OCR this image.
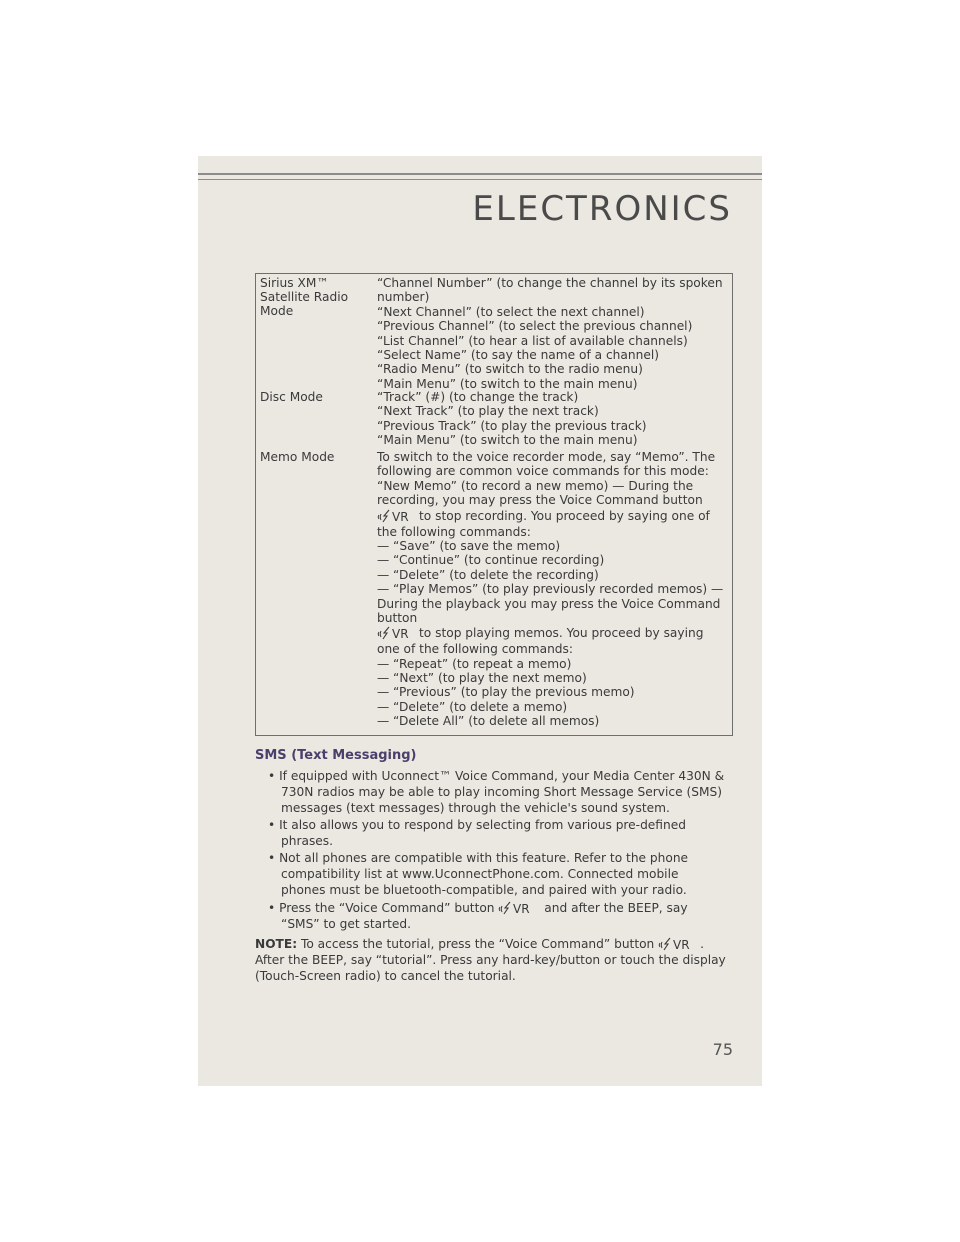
ELECTRONICS
Sirius XM™
Satellite Radio
Mode
“Channel Number” (to change the channel by its spoken
number)
“Next Channel” (to select the next channel)
“Previous Channel” (to select the previous channel)
“List Channel” (to hear a list of available channels)
“Select Name” (to say the name of a channel)
“Radio Menu” (to switch to the radio menu)
“Main Menu” (to switch to the main menu)
Disc Mode	“Track” (#) (to change the track)
“Next Track” (to play the next track)
“Previous Track” (to play the previous track)
“Main Menu” (to switch to the main menu)
Memo Mode	To switch to the voice recorder mode, say “Memo”. The
following are common voice commands for this mode:
“New Memo” (to record a new memo) — During the
recording, you may press the Voice Command button
VR to stop recording. You proceed by saying one of
the following commands:
— “Save” (to save the memo)
— “Continue” (to continue recording)
— “Delete” (to delete the recording)
— “Play Memos” (to play previously recorded memos) —
During the playback you may press the Voice Command
button
VR to stop playing memos. You proceed by saying
one of the following commands:
— “Repeat” (to repeat a memo)
— “Next” (to play the next memo)
— “Previous” (to play the previous memo)
— “Delete” (to delete a memo)
— “Delete All” (to delete all memos)
SMS (Text Messaging)
• If equipped with Uconnect™ Voice Command, your Media Center 430N &
730N radios may be able to play incoming Short Message Service (SMS)
messages (text messages) through the vehicle's sound system.
• It also allows you to respond by selecting from various pre-defined
phrases.
• Not all phones are compatible with this feature. Refer to the phone
compatibility list at www.UconnectPhone.com. Connected mobile
phones must be bluetooth-compatible, and paired with your radio.
• Press the “Voice Command” button VR and after the BEEP, say
“SMS” to get started.
NOTE: To access the tutorial, press the “Voice Command” button VR .
After the BEEP, say “tutorial”. Press any hard-key/button or touch the display
(Touch-Screen radio) to cancel the tutorial.
75
